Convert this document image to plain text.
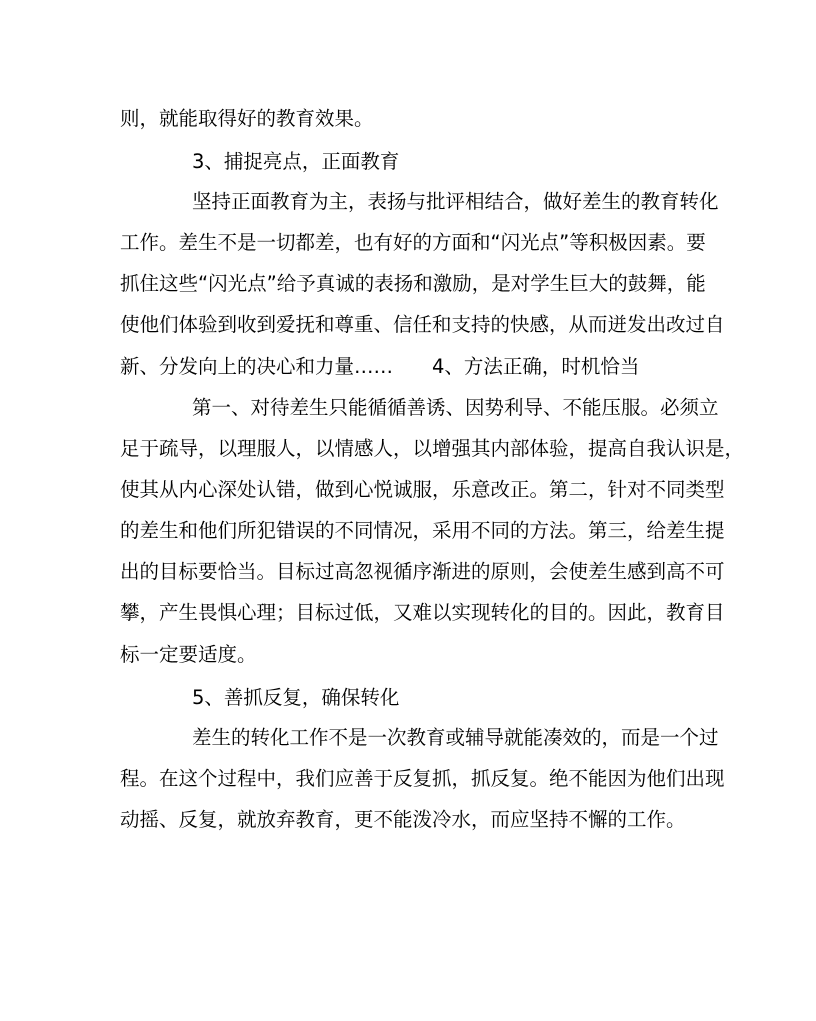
则，就能取得好的教育效果。
3、捕捉亮点，正面教育
坚持正面教育为主，表扬与批评相结合，做好差生的教育转化
工作。差生不是一切都差，也有好的方面和“闪光点”等积极因素。要
抓住这些“闪光点”给予真诚的表扬和激励，是对学生巨大的鼓舞，能
使他们体验到收到爱抚和尊重、信任和支持的快感，从而迸发出改过自
新、分发向上的决心和力量……　　4、方法正确，时机恰当
第一、对待差生只能循循善诱、因势利导、不能压服。必须立
足于疏导，以理服人，以情感人，以增强其内部体验，提高自我认识是，
使其从内心深处认错，做到心悦诚服，乐意改正。第二，针对不同类型
的差生和他们所犯错误的不同情况，采用不同的方法。第三，给差生提
出的目标要恰当。目标过高忽视循序渐进的原则，会使差生感到高不可
攀，产生畏惧心理；目标过低，又难以实现转化的目的。因此，教育目
标一定要适度。
5、善抓反复，确保转化
差生的转化工作不是一次教育或辅导就能凑效的，而是一个过
程。在这个过程中，我们应善于反复抓，抓反复。绝不能因为他们出现
动摇、反复，就放弃教育，更不能泼冷水，而应坚持不懈的工作。
